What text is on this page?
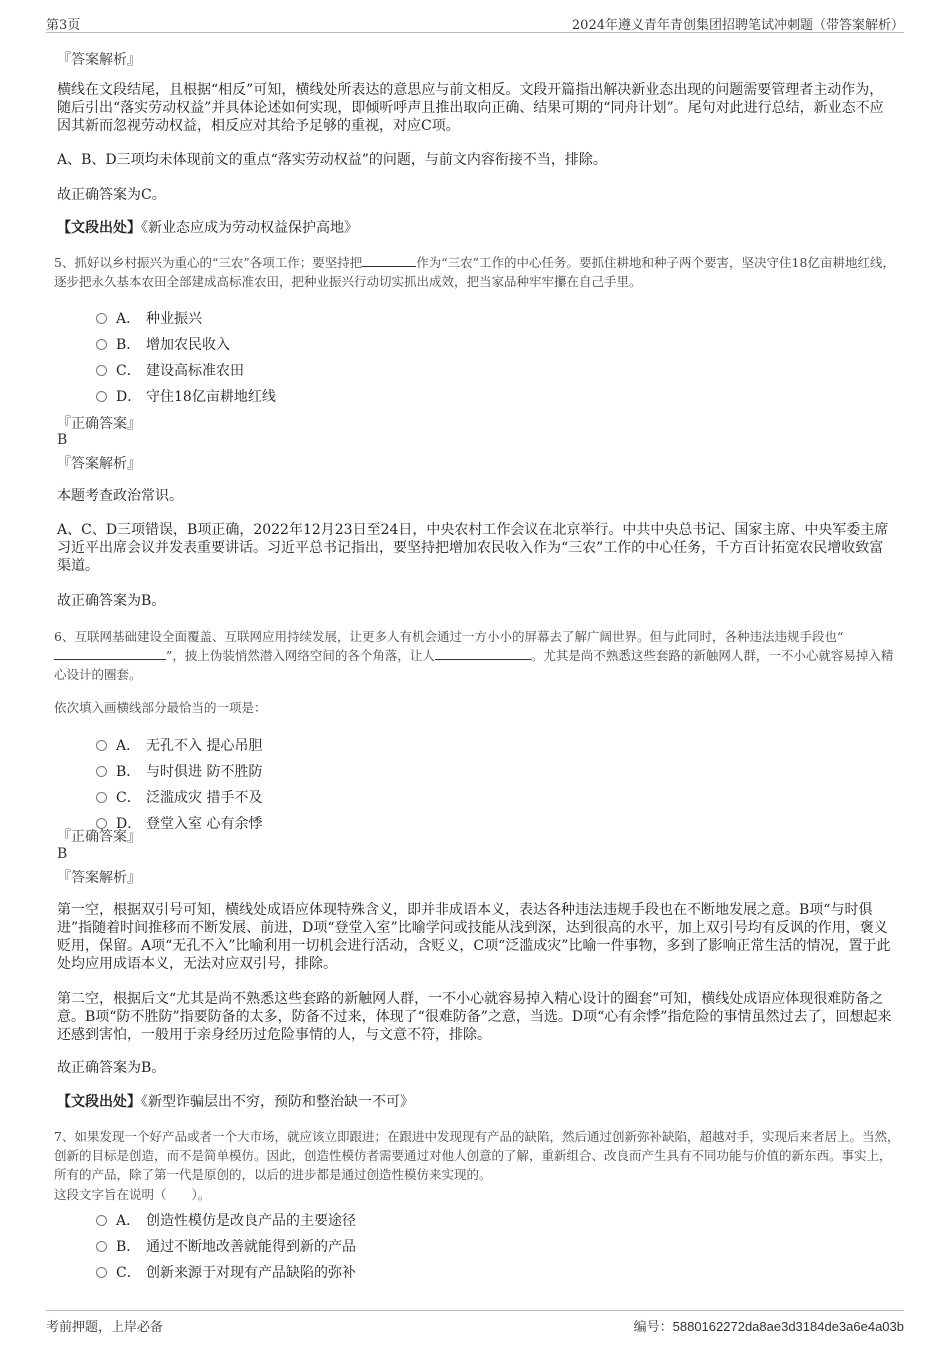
第3页	2024年遵义青年青创集团招聘笔试冲刺题（带答案解析）
『答案解析』
横线在文段结尾，且根据“相反”可知，横线处所表达的意思应与前文相反。文段开篇指出解决新业态出现的问题需要管理者主动作为，随后引出“落实劳动权益”并具体论述如何实现，即倾听呼声且推出取向正确、结果可期的“同舟计划”。尾句对此进行总结，新业态不应因其新而忽视劳动权益，相反应对其给予足够的重视，对应C项。
A、B、D三项均未体现前文的重点“落实劳动权益”的问题，与前文内容衔接不当，排除。
故正确答案为C。
【文段出处】《新业态应成为劳动权益保护高地》
5、抓好以乡村振兴为重心的“三农”各项工作；要坚持把	作为“三农”工作的中心任务。要抓住耕地和种子两个要害，坚决守住18亿亩耕地红线，逐步把永久基本农田全部建成高标准农田，把种业振兴行动切实抓出成效，把当家品种牢牢攥在自己手里。
A． 种业振兴
B． 增加农民收入
C． 建设高标准农田
D． 守住18亿亩耕地红线
『正确答案』
B
『答案解析』
本题考查政治常识。
A、C、D三项错误，B项正确，2022年12月23日至24日，中央农村工作会议在北京举行。中共中央总书记、国家主席、中央军委主席习近平出席会议并发表重要讲话。习近平总书记指出，要坚持把增加农民收入作为“三农”工作的中心任务，千方百计拓宽农民增收致富渠道。
故正确答案为B。
6、互联网基础建设全面覆盖、互联网应用持续发展，让更多人有机会通过一方小小的屏幕去了解广阔世界。但与此同时，各种违法违规手段也“”，披上伪装悄然潜入网络空间的各个角落，让人	。尤其是尚不熟悉这些套路的新触网人群，一不小心就容易掉入精心设计的圈套。
依次填入画横线部分最恰当的一项是：
A． 无孔不入 提心吊胆
B． 与时俱进 防不胜防
C． 泛滥成灾 措手不及
D． 登堂入室 心有余悸
『正确答案』
B
『答案解析』
第一空，根据双引号可知，横线处成语应体现特殊含义，即并非成语本义，表达各种违法违规手段也在不断地发展之意。B项“与时俱进”指随着时间推移而不断发展、前进，D项“登堂入室”比喻学问或技能从浅到深，达到很高的水平，加上双引号均有反讽的作用，褒义贬用，保留。A项“无孔不入”比喻利用一切机会进行活动，含贬义，C项“泛滥成灾”比喻一件事物，多到了影响正常生活的情况，置于此处均应用成语本义，无法对应双引号，排除。
第二空，根据后文“尤其是尚不熟悉这些套路的新触网人群，一不小心就容易掉入精心设计的圈套”可知，横线处成语应体现很难防备之意。B项“防不胜防”指要防备的太多，防备不过来，体现了“很难防备”之意，当选。D项“心有余悸”指危险的事情虽然过去了，回想起来还感到害怕，一般用于亲身经历过危险事情的人，与文意不符，排除。
故正确答案为B。
【文段出处】《新型诈骗层出不穷，预防和整治缺一不可》
7、如果发现一个好产品或者一个大市场，就应该立即跟进；在跟进中发现现有产品的缺陷，然后通过创新弥补缺陷，超越对手，实现后来者居上。当然，创新的目标是创造，而不是简单模仿。因此，创造性模仿者需要通过对他人创意的了解，重新组合、改良而产生具有不同功能与价值的新东西。事实上，所有的产品，除了第一代是原创的，以后的进步都是通过创造性模仿来实现的。
这段文字旨在说明（　　）。
A． 创造性模仿是改良产品的主要途径
B． 通过不断地改善就能得到新的产品
C． 创新来源于对现有产品缺陷的弥补
考前押题，上岸必备	编号：5880162272da8ae3d3184de3a6e4a03b
